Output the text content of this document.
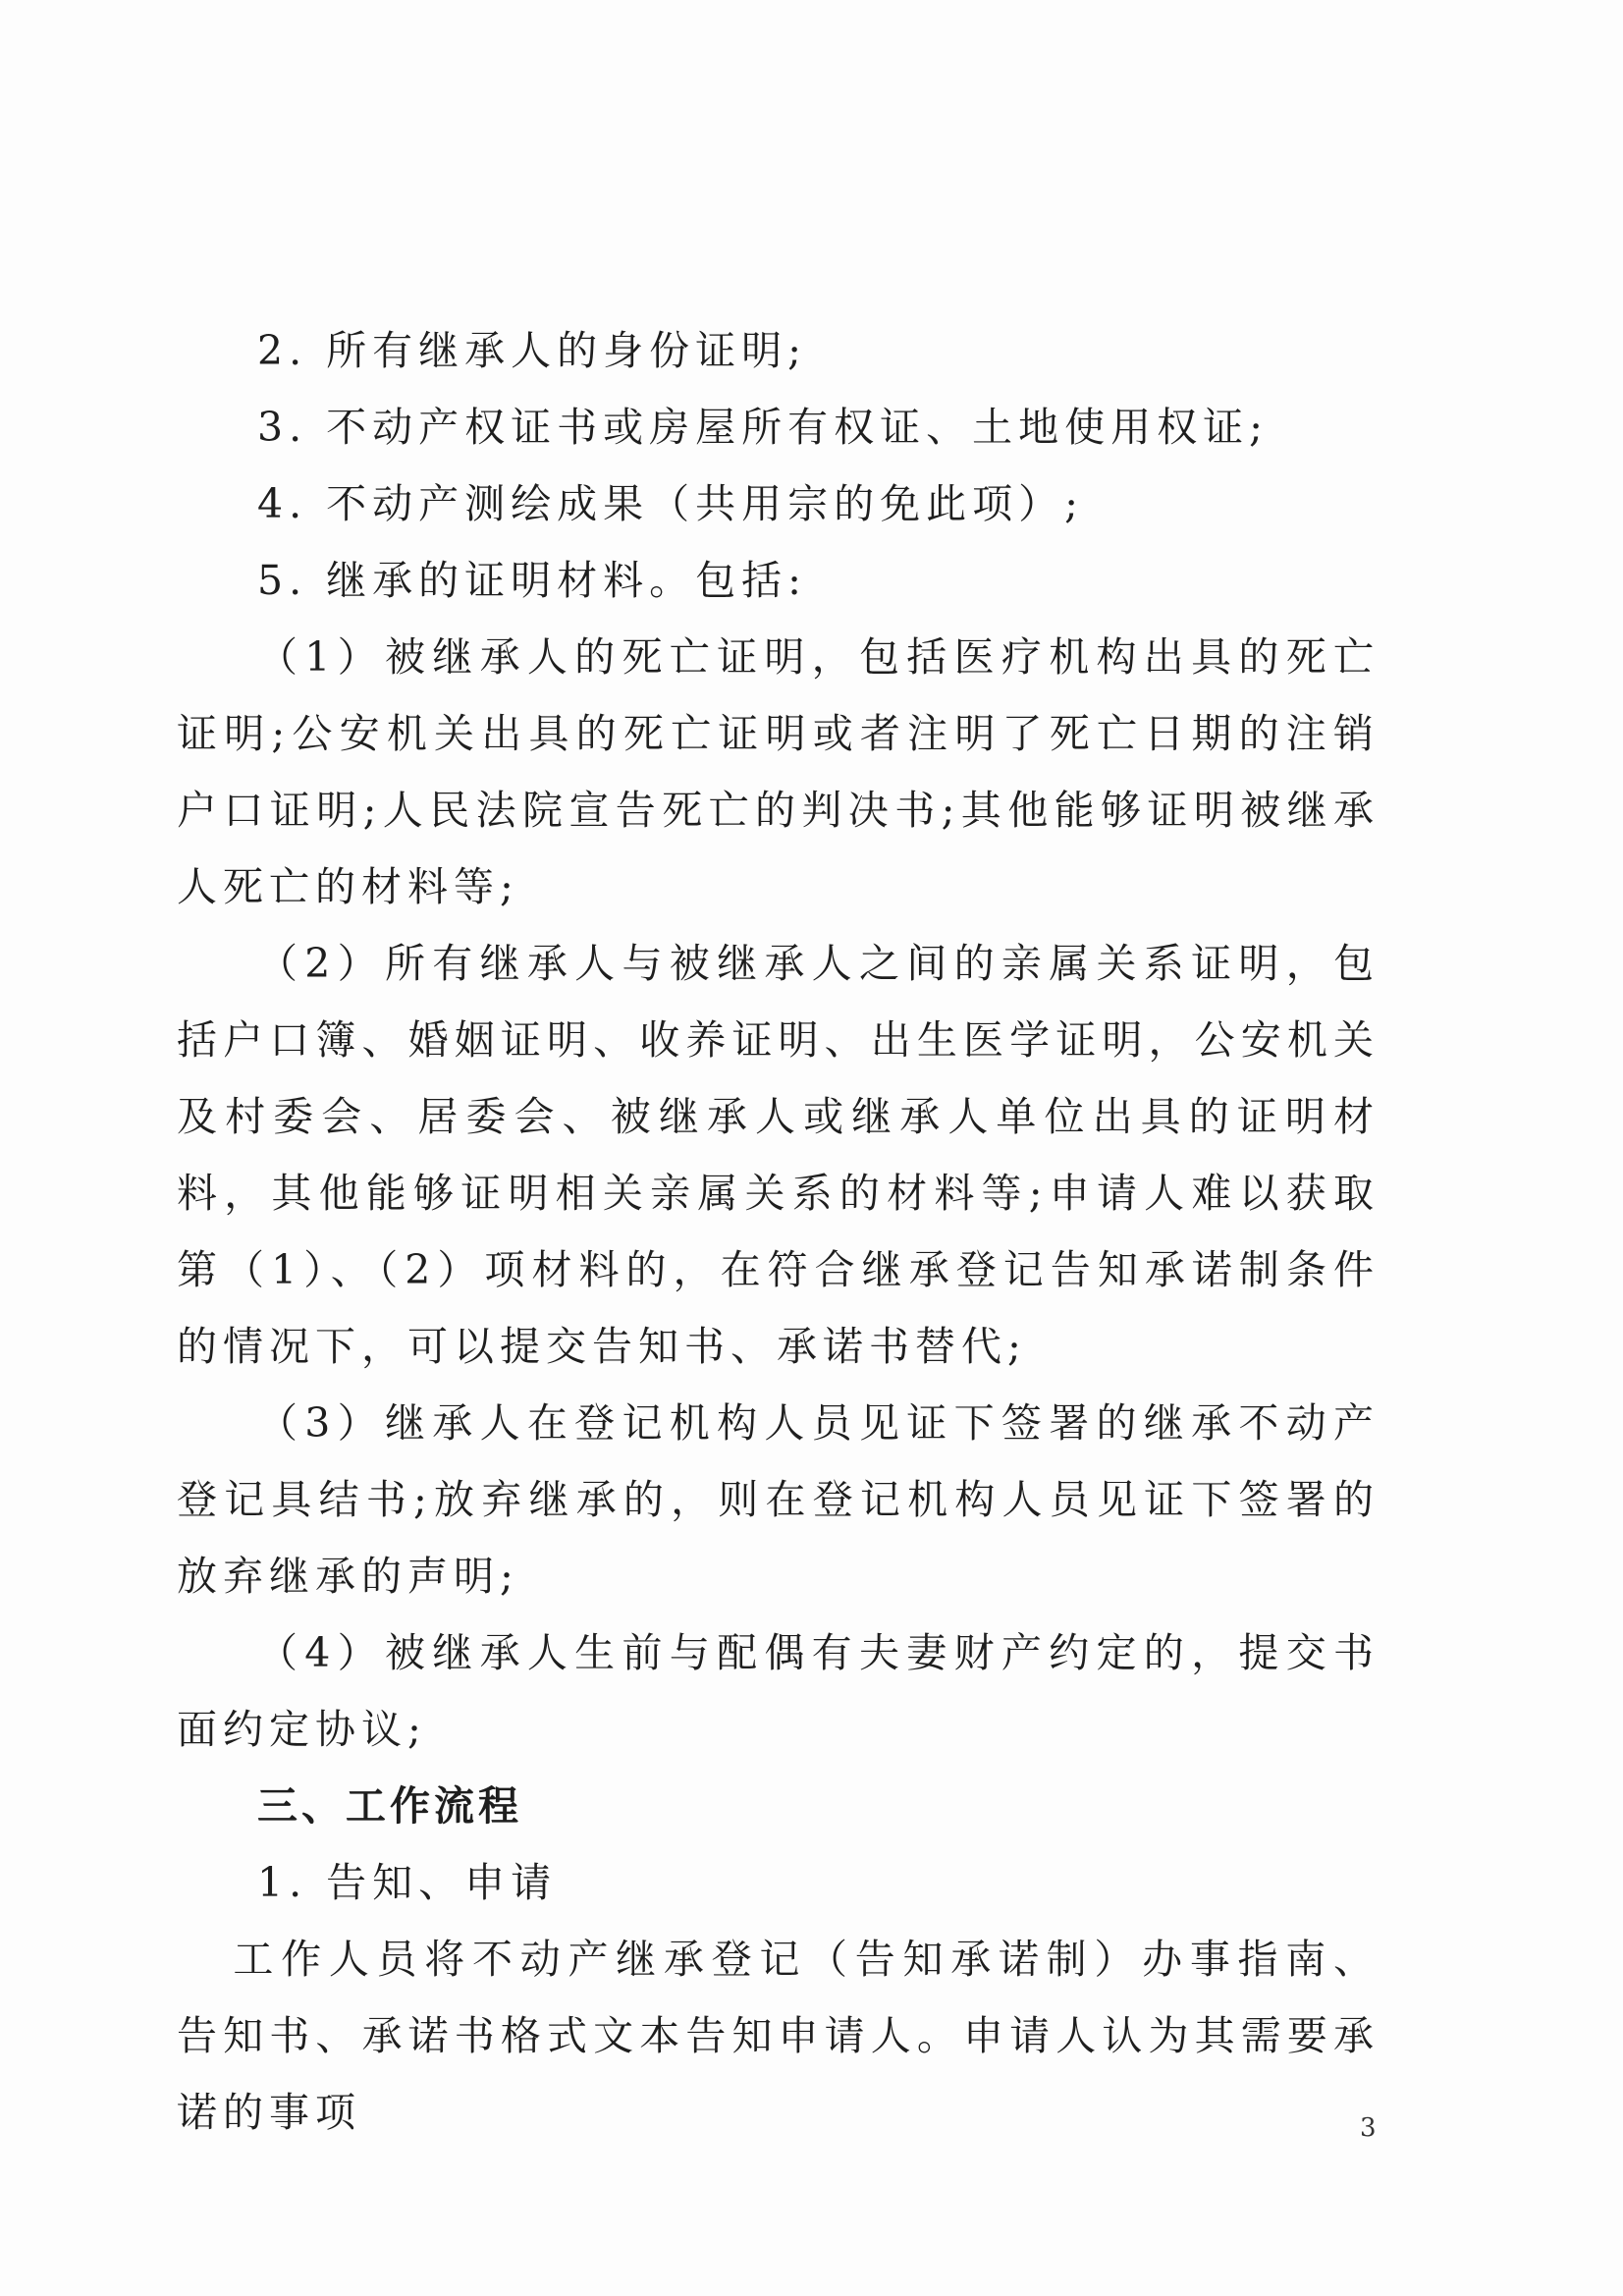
2. 所有继承人的身份证明;

3. 不动产权证书或房屋所有权证、土地使用权证;

4. 不动产测绘成果（共用宗的免此项）;

5. 继承的证明材料。包括:

（1）被继承人的死亡证明，包括医疗机构出具的死亡证明;公安机关出具的死亡证明或者注明了死亡日期的注销户口证明;人民法院宣告死亡的判决书;其他能够证明被继承人死亡的材料等;

（2）所有继承人与被继承人之间的亲属关系证明，包括户口簿、婚姻证明、收养证明、出生医学证明，公安机关及村委会、居委会、被继承人或继承人单位出具的证明材料，其他能够证明相关亲属关系的材料等;申请人难以获取第（1）、（2）项材料的，在符合继承登记告知承诺制条件的情况下，可以提交告知书、承诺书替代;

（3）继承人在登记机构人员见证下签署的继承不动产登记具结书;放弃继承的，则在登记机构人员见证下签署的放弃继承的声明;

（4）被继承人生前与配偶有夫妻财产约定的，提交书面约定协议;

三、工作流程

1. 告知、申请

工作人员将不动产继承登记（告知承诺制）办事指南、告知书、承诺书格式文本告知申请人。申请人认为其需要承诺的事项	3
